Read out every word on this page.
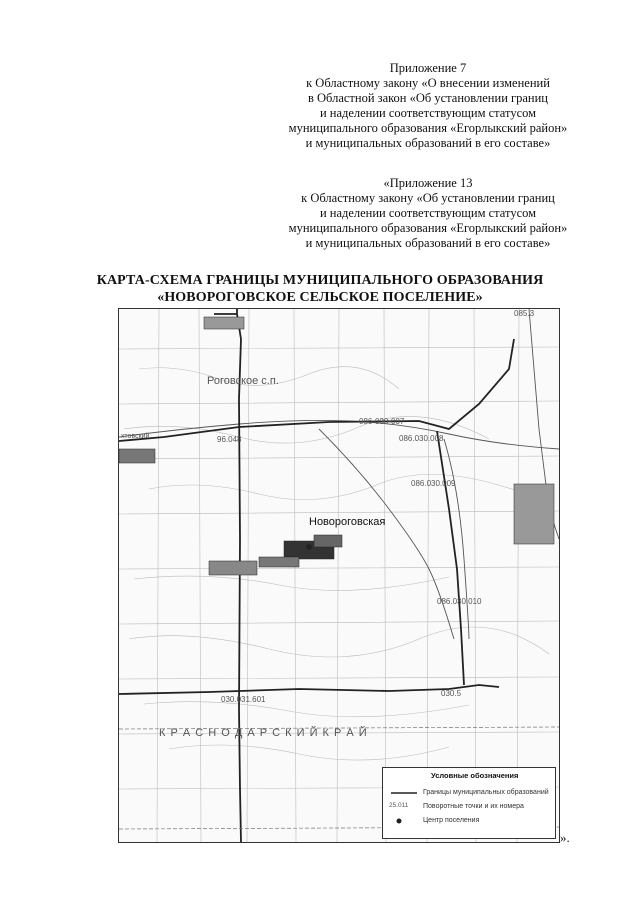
Приложение 7
к Областному закону «О внесении изменений
в Областной закон «Об установлении границ
и наделении соответствующим статусом
муниципального образования «Егорлыкский район»
и муниципальных образований в его составе»
«Приложение 13
к Областному закону «Об установлении границ
и наделении соответствующим статусом
муниципального образования «Егорлыкский район»
и муниципальных образований в его составе»
КАРТА-СХЕМА ГРАНИЦЫ МУНИЦИПАЛЬНОГО ОБРАЗОВАНИЯ
«НОВОРОГОВСКОЕ СЕЛЬСКОЕ ПОСЕЛЕНИЕ»
Роговское с.п.
Новороговская
К Р А С Н О Д А Р С К И Й К Р А Й
96.048
086-030-007
086.030.008
086.030.009
086.030.010
030.031.601
030.5
085.3
хтовский
Условные обозначения
Границы муниципальных образований
25.011	Поворотные точки и их номера
Центр поселения
».
